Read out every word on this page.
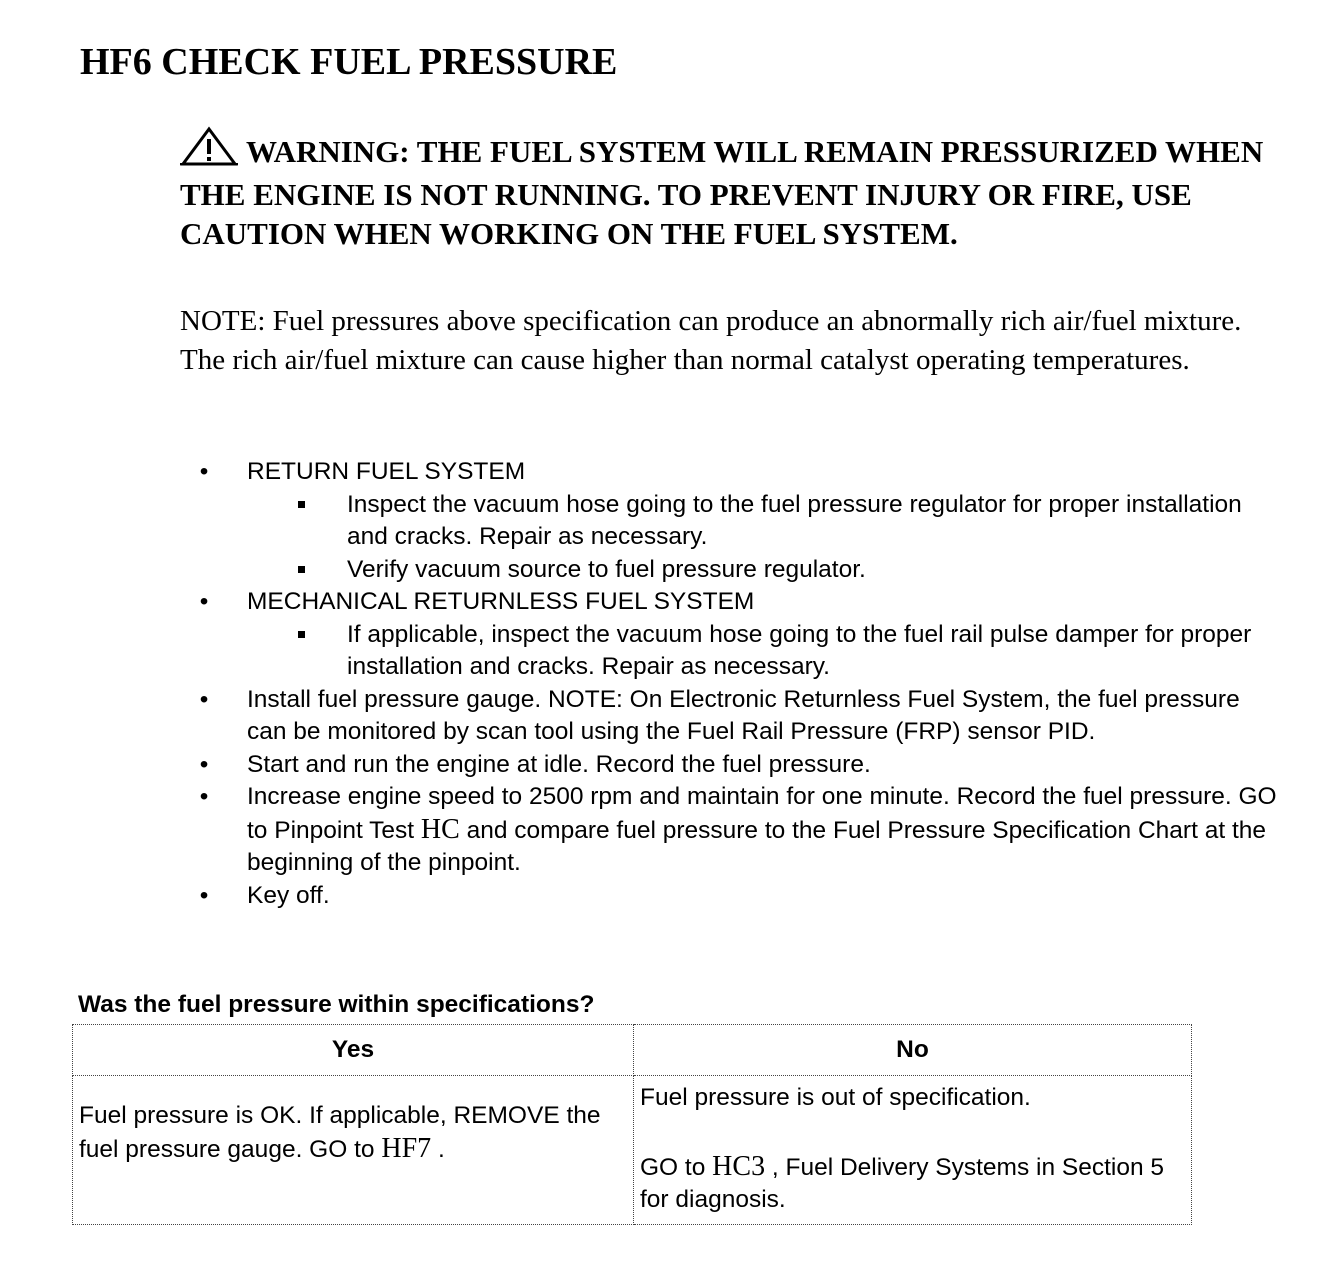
HF6 CHECK FUEL PRESSURE
WARNING: THE FUEL SYSTEM WILL REMAIN PRESSURIZED WHEN THE ENGINE IS NOT RUNNING. TO PREVENT INJURY OR FIRE, USE CAUTION WHEN WORKING ON THE FUEL SYSTEM.
NOTE: Fuel pressures above specification can produce an abnormally rich air/fuel mixture. The rich air/fuel mixture can cause higher than normal catalyst operating temperatures.
• RETURN FUEL SYSTEM
Inspect the vacuum hose going to the fuel pressure regulator for proper installation and cracks. Repair as necessary.
Verify vacuum source to fuel pressure regulator.
• MECHANICAL RETURNLESS FUEL SYSTEM
If applicable, inspect the vacuum hose going to the fuel rail pulse damper for proper installation and cracks. Repair as necessary.
• Install fuel pressure gauge. NOTE: On Electronic Returnless Fuel System, the fuel pressure can be monitored by scan tool using the Fuel Rail Pressure (FRP) sensor PID.
• Start and run the engine at idle. Record the fuel pressure.
• Increase engine speed to 2500 rpm and maintain for one minute. Record the fuel pressure. GO to Pinpoint Test HC and compare fuel pressure to the Fuel Pressure Specification Chart at the beginning of the pinpoint.
• Key off.
Was the fuel pressure within specifications?
Yes	No

Fuel pressure is OK. If applicable, REMOVE the fuel pressure gauge. GO to HF7 .	Fuel pressure is out of specification.
GO to HC3 , Fuel Delivery Systems in Section 5 for diagnosis.
